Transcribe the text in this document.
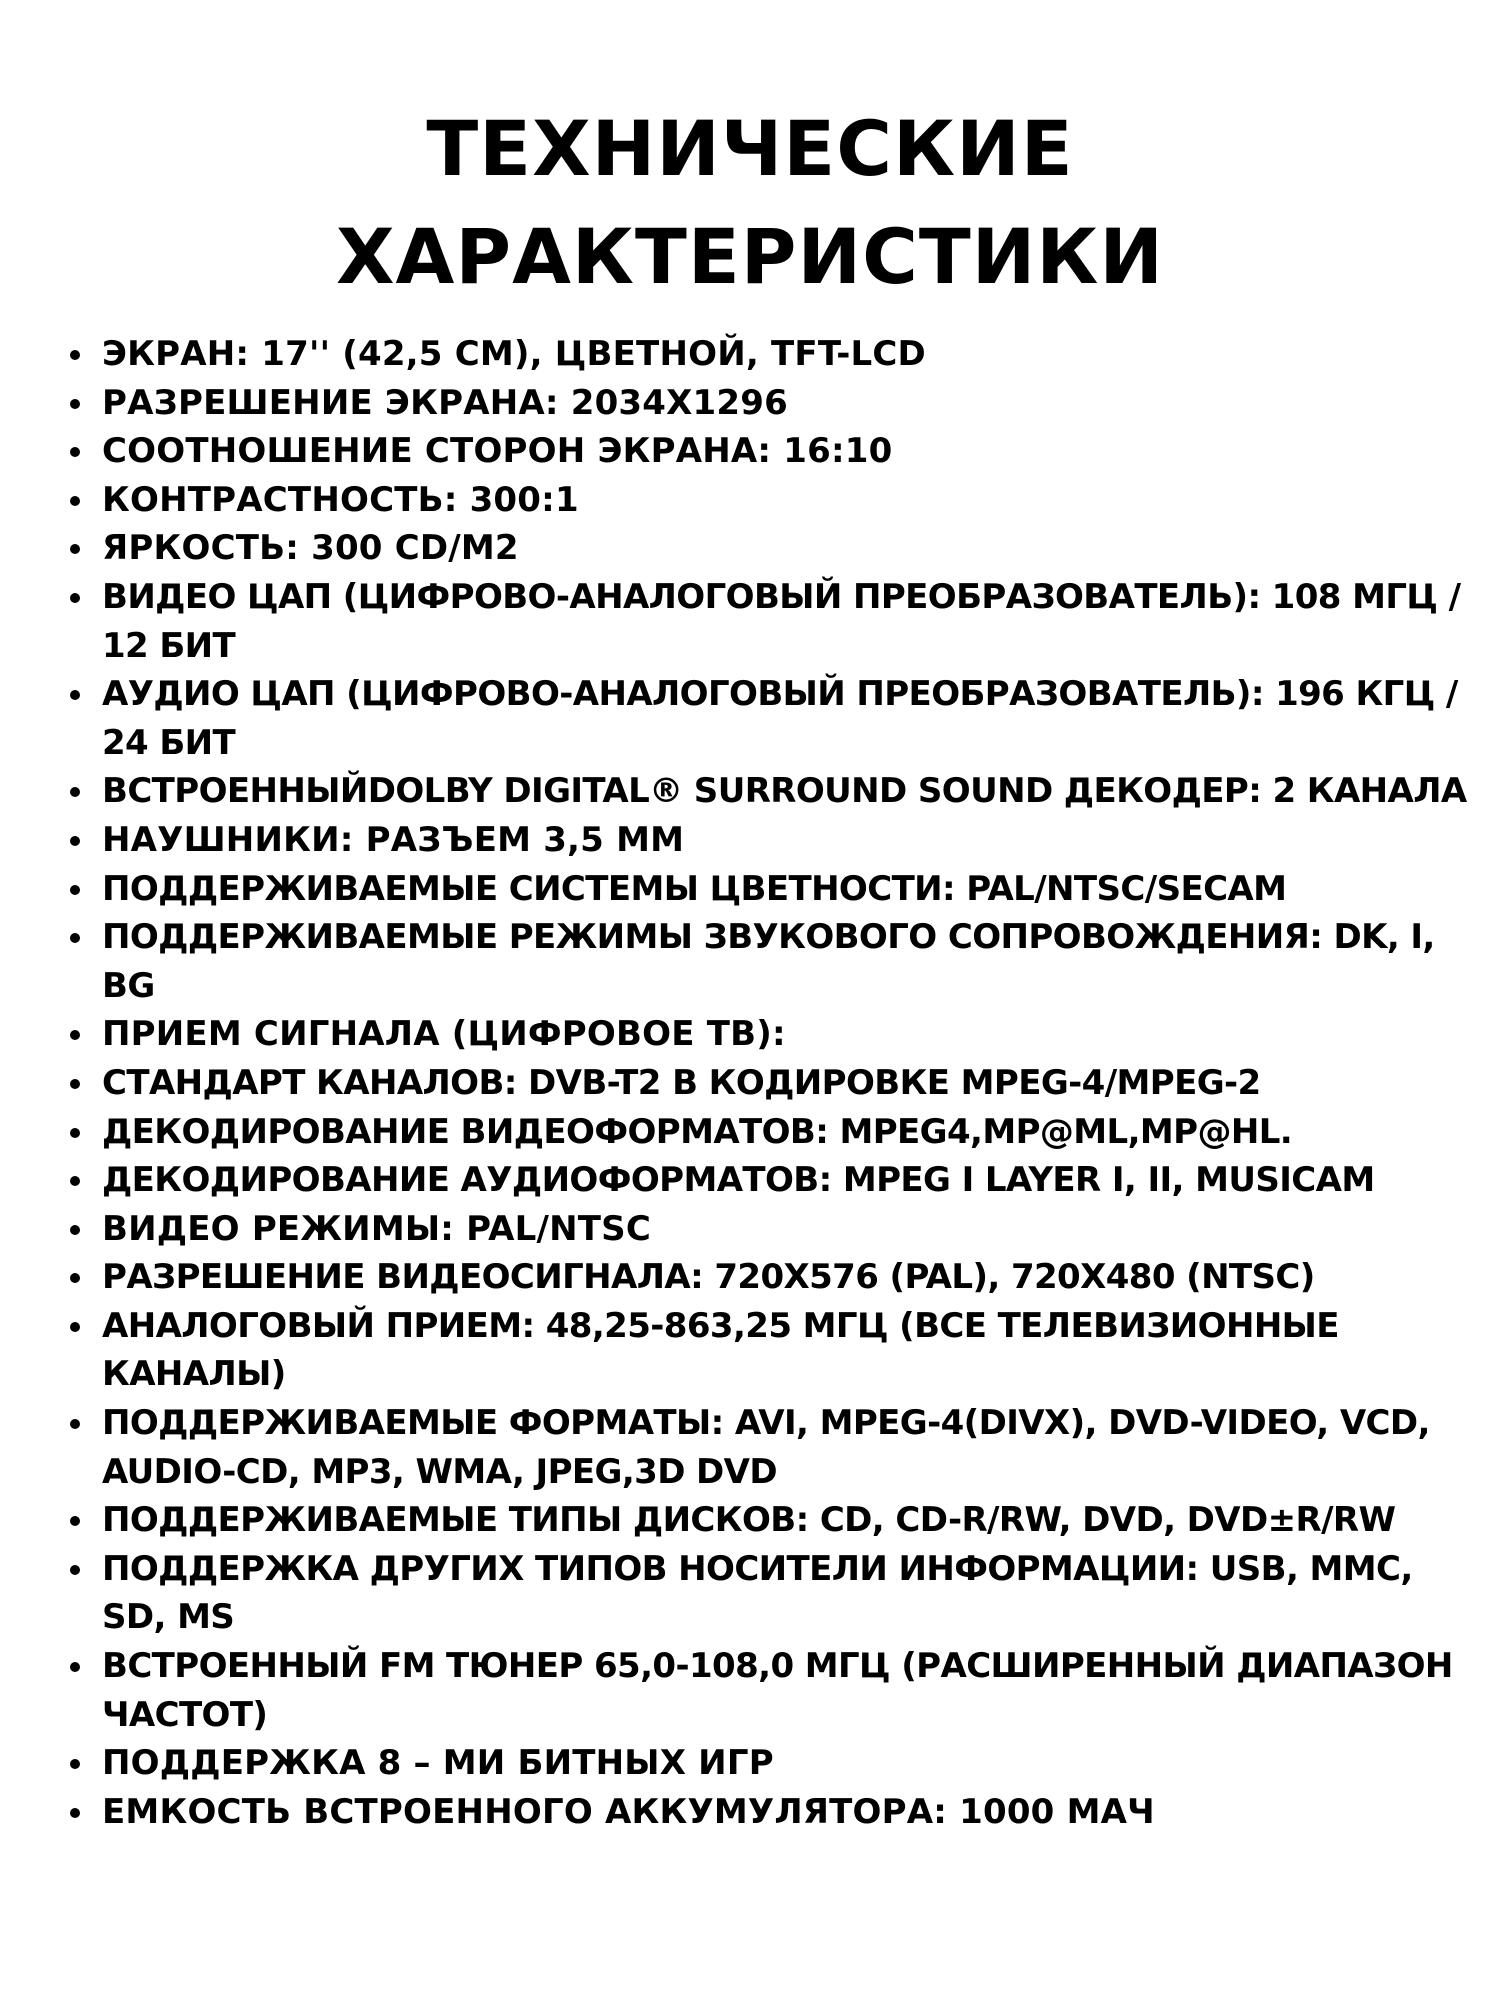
ТЕХНИЧЕСКИЕ
ХАРАКТЕРИСТИКИ
ЭКРАН: 17'' (42,5 СМ), ЦВЕТНОЙ, TFT-LCD
РАЗРЕШЕНИЕ ЭКРАНА: 2034X1296
СООТНОШЕНИЕ СТОРОН ЭКРАНА: 16:10
КОНТРАСТНОСТЬ: 300:1
ЯРКОСТЬ: 300 CD/M2
ВИДЕО ЦАП (ЦИФРОВО-АНАЛОГОВЫЙ ПРЕОБРАЗОВАТЕЛЬ): 108 МГЦ / 12 БИТ
АУДИО ЦАП (ЦИФРОВО-АНАЛОГОВЫЙ ПРЕОБРАЗОВАТЕЛЬ): 196 КГЦ / 24 БИТ
ВСТРОЕННЫЙDOLBY DIGITAL® SURROUND SOUND ДЕКОДЕР: 2 КАНАЛА
НАУШНИКИ: РАЗЪЕМ 3,5 ММ
ПОДДЕРЖИВАЕМЫЕ СИСТЕМЫ ЦВЕТНОСТИ: PAL/NTSC/SECAM
ПОДДЕРЖИВАЕМЫЕ РЕЖИМЫ ЗВУКОВОГО СОПРОВОЖДЕНИЯ: DK, I, BG
ПРИЕМ СИГНАЛА (ЦИФРОВОЕ ТВ):
СТАНДАРТ КАНАЛОВ: DVB-T2 В КОДИРОВКЕ MPEG-4/MPEG-2
ДЕКОДИРОВАНИЕ ВИДЕОФОРМАТОВ: MPEG4,MP@ML,MP@HL.
ДЕКОДИРОВАНИЕ АУДИОФОРМАТОВ: MPEG I LAYER I, II, MUSICAM
ВИДЕО РЕЖИМЫ: PAL/NTSC
РАЗРЕШЕНИЕ ВИДЕОСИГНАЛА: 720X576 (PAL), 720X480 (NTSC)
АНАЛОГОВЫЙ ПРИЕМ: 48,25-863,25 МГЦ (ВСЕ ТЕЛЕВИЗИОННЫЕ КАНАЛЫ)
ПОДДЕРЖИВАЕМЫЕ ФОРМАТЫ: AVI, MPEG-4(DIVX), DVD-VIDEO, VCD, AUDIO-CD, MP3, WMA, JPEG,3D DVD
ПОДДЕРЖИВАЕМЫЕ ТИПЫ ДИСКОВ: CD, CD-R/RW, DVD, DVD±R/RW
ПОДДЕРЖКА ДРУГИХ ТИПОВ НОСИТЕЛИ ИНФОРМАЦИИ: USB, MMC, SD, MS
ВСТРОЕННЫЙ FM ТЮНЕР 65,0-108,0 МГЦ (РАСШИРЕННЫЙ ДИАПАЗОН ЧАСТОТ)
ПОДДЕРЖКА 8 – МИ БИТНЫХ ИГР
ЕМКОСТЬ ВСТРОЕННОГО АККУМУЛЯТОРА: 1000 МАЧ
